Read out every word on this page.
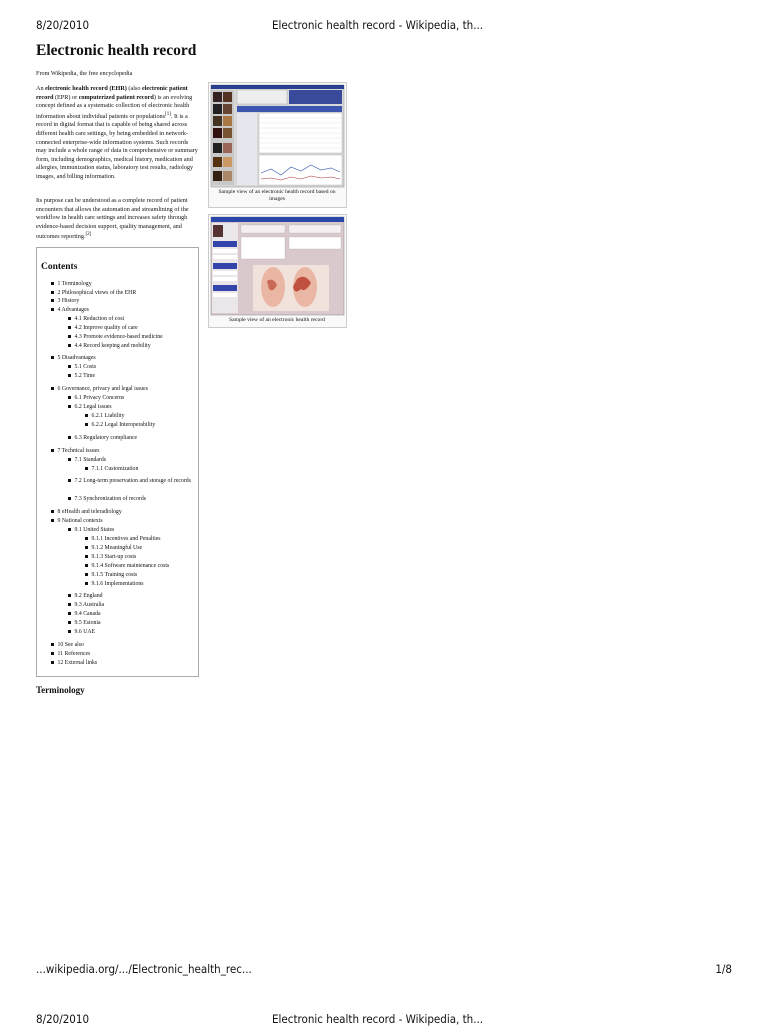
8/20/2010	Electronic health record - Wikipedia, th...
Electronic health record
From Wikipedia, the free encyclopedia
An electronic health record (EHR) (also electronic patient record (EPR) or computerized patient record) is an evolving concept defined as a systematic collection of electronic health information about individual patients or populations[1]. It is a record in digital format that is capable of being shared across different health care settings, by being embedded in network-connected enterprise-wide information systems. Such records may include a whole range of data in comprehensive or summary form, including demographics, medical history, medication and allergies, immunization status, laboratory test results, radiology images, and billing information.
Its purpose can be understood as a complete record of patient encounters that allows the automation and streamlining of the workflow in health care settings and increases safety through evidence-based decision support, quality management, and outcomes reporting.[2]
Sample view of an electronic health record based on images
Sample view of an electronic health record
Contents
1 Terminology
2 Philosophical views of the EHR
3 History
4 Advantages
4.1 Reduction of cost
4.2 Improve quality of care
4.3 Promote evidence-based medicine
4.4 Record keeping and mobility
5 Disadvantages
5.1 Costs
5.2 Time
6 Governance, privacy and legal issues
6.1 Privacy Concerns
6.2 Legal issues
6.2.1 Liability
6.2.2 Legal Interoperability
6.3 Regulatory compliance
7 Technical issues
7.1 Standards
7.1.1 Customization
7.2 Long-term preservation and storage of records
7.3 Synchronization of records
8 eHealth and teleradiology
9 National contexts
9.1 United States
9.1.1 Incentives and Penalties
9.1.2 Meaningful Use
9.1.3 Start-up costs
9.1.4 Software maintenance costs
9.1.5 Training costs
9.1.6 Implementations
9.2 England
9.3 Australia
9.4 Canada
9.5 Estonia
9.6 UAE
10 See also
11 References
12 External links
Terminology
...wikipedia.org/.../Electronic_health_rec...	1/8
8/20/2010	Electronic health record - Wikipedia, th...
